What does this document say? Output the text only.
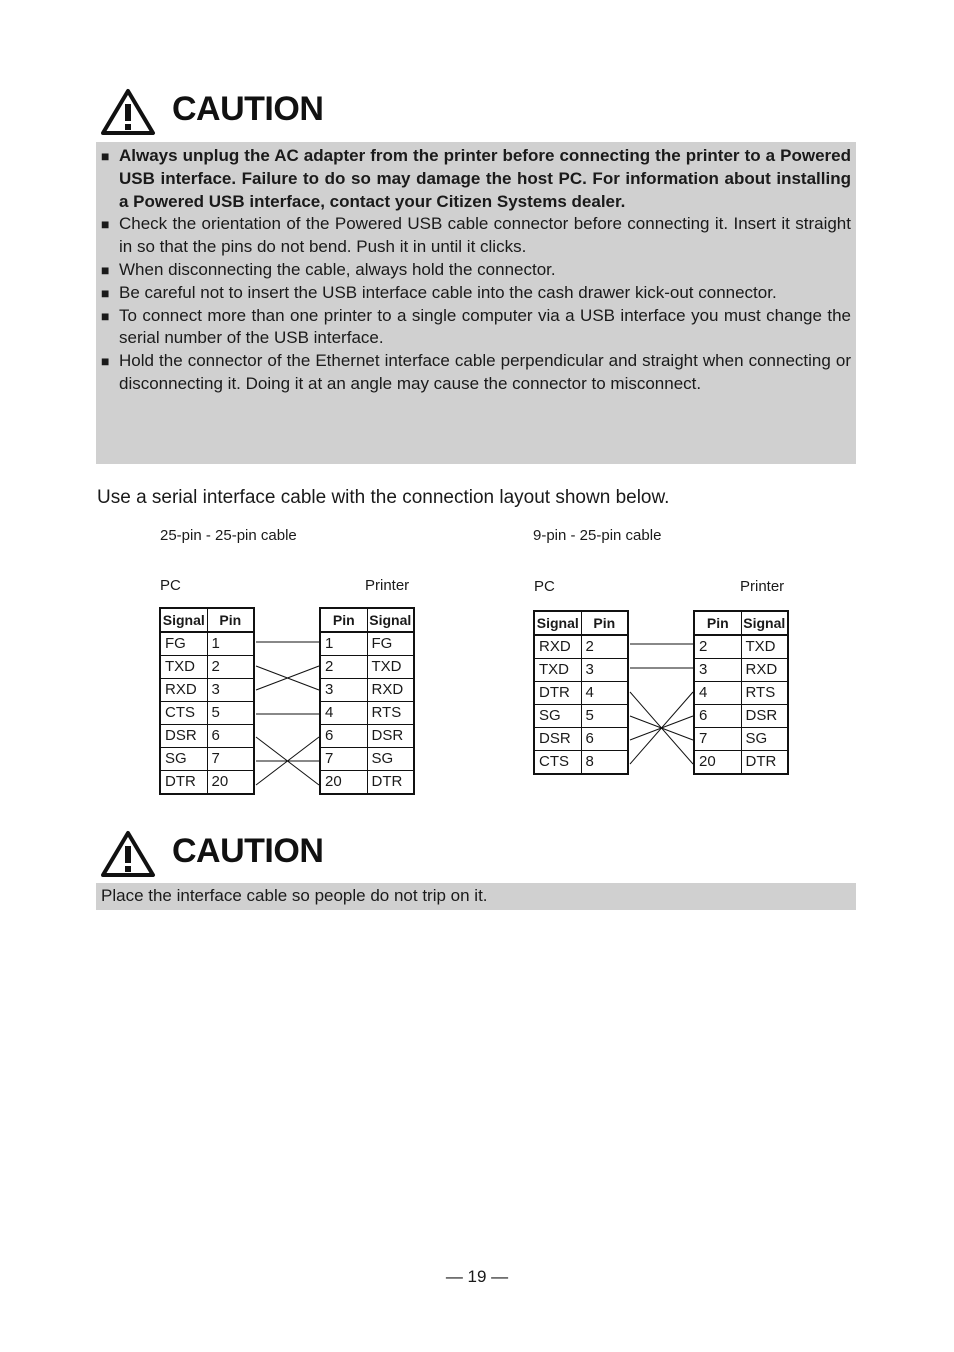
CAUTION
■ Always unplug the AC adapter from the printer before connecting the printer to a Powered USB interface. Failure to do so may damage the host PC. For information about installing a Powered USB interface, contact your Citizen Systems dealer.
■ Check the orientation of the Powered USB cable connector before connecting it. Insert it straight in so that the pins do not bend. Push it in until it clicks.
■ When disconnecting the cable, always hold the connector.
■ Be careful not to insert the USB interface cable into the cash drawer kick-out connector.
■ To connect more than one printer to a single computer via a USB interface you must change the serial number of the USB interface.
■ Hold the connector of the Ethernet interface cable perpendicular and straight when connecting or disconnecting it. Doing it at an angle may cause the connector to misconnect.
Use a serial interface cable with the connection layout shown below.
25-pin - 25-pin cable
PC	Printer
Signal	Pin
FG	1
TXD	2
RXD	3
CTS	5
DSR	6
SG	7
DTR	20
Pin	Signal
1	FG
2	TXD
3	RXD
4	RTS
6	DSR
7	SG
20	DTR
9-pin - 25-pin cable
PC	Printer
Signal	Pin
RXD	2
TXD	3
DTR	4
SG	5
DSR	6
CTS	8
Pin	Signal
2	TXD
3	RXD
4	RTS
6	DSR
7	SG
20	DTR
CAUTION
Place the interface cable so people do not trip on it.
— 19 —
